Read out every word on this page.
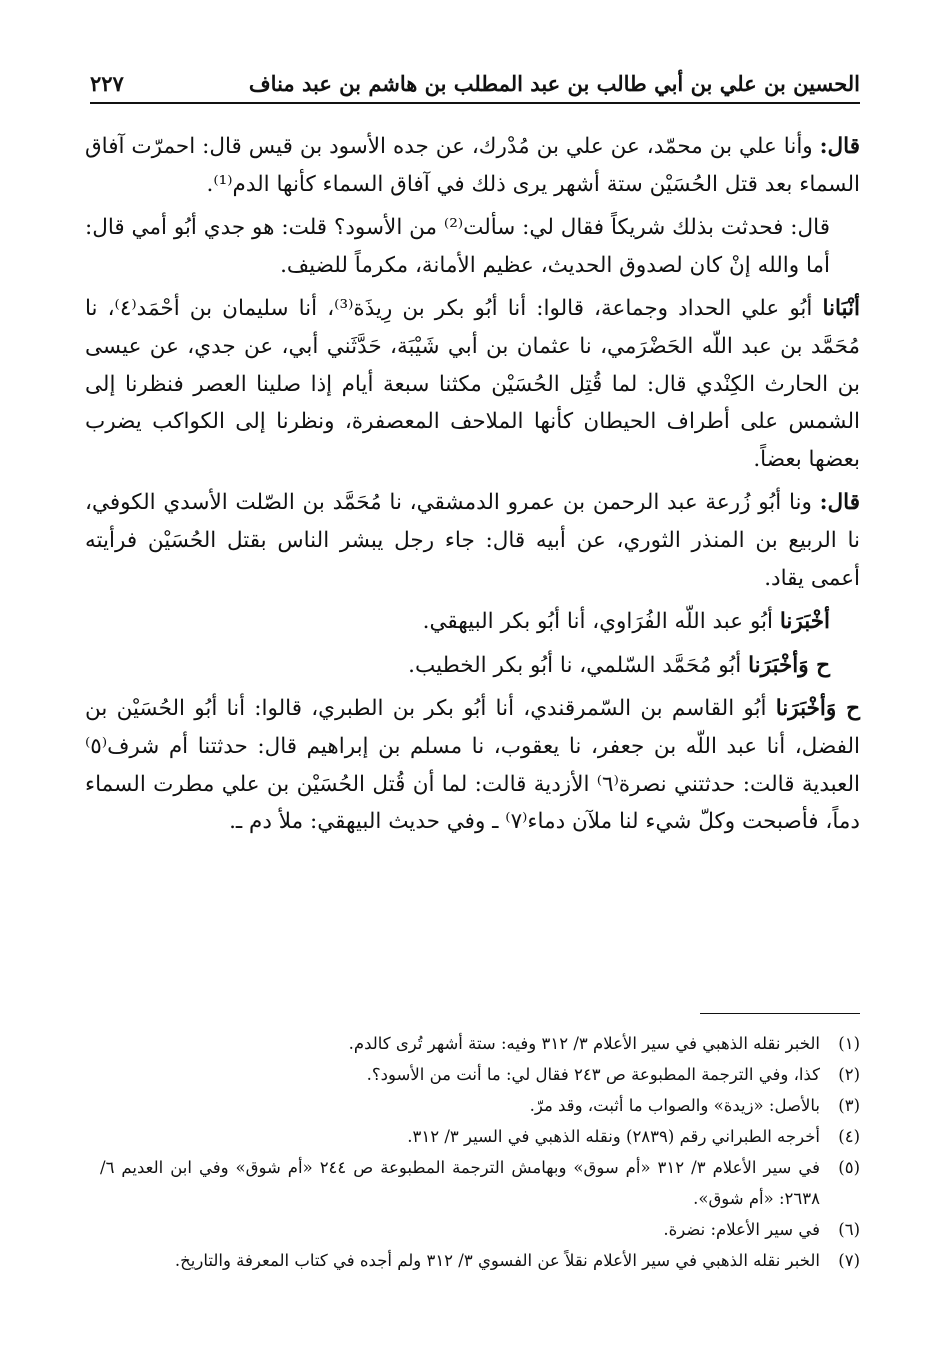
الحسين بن علي بن أبي طالب بن عبد المطلب بن هاشم بن عبد مناف
٢٢٧

قال: وأنا علي بن محمّد، عن علي بن مُدْرك، عن جده الأسود بن قيس قال: احمرّت آفاق السماء بعد قتل الحُسَيْن ستة أشهر يرى ذلك في آفاق السماء كأنها الدم⁽¹⁾.

قال: فحدثت بذلك شريكاً فقال لي: سألت⁽²⁾ من الأسود؟ قلت: هو جدي أبُو أمي قال: أما والله إنْ كان لصدوق الحديث، عظيم الأمانة، مكرماً للضيف.

أنْبَانا أبُو علي الحداد وجماعة، قالوا: أنا أبُو بكر بن رِيذَة⁽³⁾، أنا سليمان بن أحْمَد⁽٤⁾، نا مُحَمَّد بن عبد اللّه الحَضْرَمي، نا عثمان بن أبي شَيْبَة، حَدَّثَني أبي، عن جدي، عن عيسى بن الحارث الكِنْدي قال: لما قُتِل الحُسَيْن مكثنا سبعة أيام إذا صلينا العصر فنظرنا إلى الشمس على أطراف الحيطان كأنها الملاحف المعصفرة، ونظرنا إلى الكواكب يضرب بعضها بعضاً.

قال: ونا أبُو زُرعة عبد الرحمن بن عمرو الدمشقي، نا مُحَمَّد بن الصّلت الأسدي الكوفي، نا الربيع بن المنذر الثوري، عن أبيه قال: جاء رجل يبشر الناس بقتل الحُسَيْن فرأيته أعمى يقاد.

أخْبَرَنا أبُو عبد اللّه الفُرَاوي، أنا أبُو بكر البيهقي.

ح وَأخْبَرَنا أبُو مُحَمَّد السّلمي، نا أبُو بكر الخطيب.

ح وَأخْبَرَنا أبُو القاسم بن السّمرقندي، أنا أبُو بكر بن الطبري، قالوا: أنا أبُو الحُسَيْن بن الفضل، أنا عبد اللّه بن جعفر، نا يعقوب، نا مسلم بن إبراهيم قال: حدثتنا أم شرف⁽٥⁾ العبدية قالت: حدثتني نصرة⁽٦⁾ الأزدية قالت: لما أن قُتل الحُسَيْن بن علي مطرت السماء دماً، فأصبحت وكلّ شيء لنا ملآن دماء⁽٧⁾ ـ وفي حديث البيهقي: ملأ دم ـ.

(١)
الخبر نقله الذهبي في سير الأعلام ٣/ ٣١٢ وفيه: ستة أشهر تُرى كالدم.
(٢)
كذا، وفي الترجمة المطبوعة ص ٢٤٣ فقال لي: ما أنت من الأسود؟.
(٣)
بالأصل: «زيدة» والصواب ما أثبت، وقد مرّ.
(٤)
أخرجه الطبراني رقم (٢٨٣٩) ونقله الذهبي في السير ٣/ ٣١٢.
(٥)
في سير الأعلام ٣/ ٣١٢ «أم سوق» وبهامش الترجمة المطبوعة ص ٢٤٤ «أم شوق» وفي ابن العديم ٦/ ٢٦٣٨: «أم شوق».
(٦)
في سير الأعلام: نضرة.
(٧)
الخبر نقله الذهبي في سير الأعلام نقلاً عن الفسوي ٣/ ٣١٢ ولم أجده في كتاب المعرفة والتاريخ.
